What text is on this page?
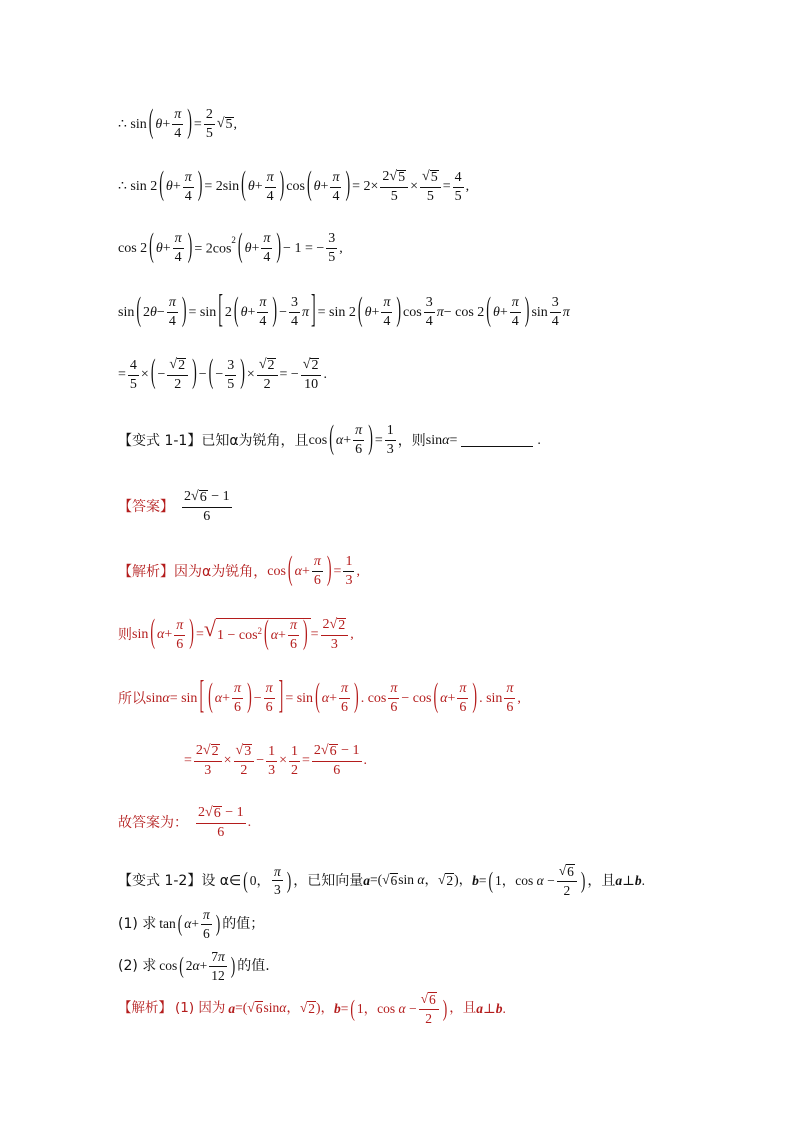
∴ sin ( $\theta + \frac{\pi}{4}$ ) = $\frac{2}{5}$ √ 5 ,
∴ sin 2 ( $\theta + \frac{\pi}{4}$ ) = 2sin ( $\theta + \frac{\pi}{4}$ ) cos ( $\theta + \frac{\pi}{4}$ ) = $2\times \frac{2 √ 5}{5} \times \frac{√ 5}{5} = \frac{4}{5}$ ,
cos 2 ( $\theta + \frac{\pi}{4}$ ) = $2\cos^2$ ( $\theta + \frac{\pi}{4}$ ) − 1 = − $\frac{3}{5}$ ,
sin ( 2 $\theta - \frac{\pi}{4}$ ) = sin [ 2 ( $\theta + \frac{\pi}{4}$ ) − $\frac{3}{4}$ π ] = sin 2 ( $\theta + \frac{\pi}{4}$ ) $\cos \frac{3}{4}$ π − cos 2 ( $\theta + \frac{\pi}{4}$ ) $\sin \frac{3}{4}$ π
= $\frac{4}{5}$ × ( − $\frac{√ 2}{2}$ ) − ( − $\frac{3}{5}$ ) × $\frac{√ 2}{2}$ = − $\frac{√ 2}{10}$ .
【变式 1-1】 已知α为锐角，且 cos ( $\alpha + \frac{\pi}{6}$ ) = $\frac{1}{3}$ ，则 sin α =	.
【答案】 $\frac{2 √ 6 - 1}{6}$
【解析】 因为α为锐角， cos ( $\alpha + \frac{\pi}{6}$ ) = $\frac{1}{3}$ ,
则 sin ( $\alpha + \frac{\pi}{6}$ ) = √ 1 − cos 2 ( $\alpha + \frac{\pi}{6}$ ) = $\frac{2 √ 2}{3}$ ,
所以 sin α = sin [ ( $\alpha + \frac{\pi}{6}$ ) − $\frac{\pi}{6}$ ] = sin ( $\alpha + \frac{\pi}{6}$ ) . $\cos \frac{\pi}{6} - \cos$ ( $\alpha + \frac{\pi}{6}$ ) . $\sin \frac{\pi}{6}$ ,
= $\frac{2 √ 2}{3} \times \frac{√ 3}{2} - \frac{1}{3} \times \frac{1}{2} = \frac{2 √ 6 - 1}{6}$ .
故答案为： $\frac{2 √ 6 - 1}{6}$ .
【变式 1-2】 设 α∈ ( 0， $\frac{\pi}{3}$ ) ，已知向量 a =( √ 6 sin α， √ 2 )， b = ( 1，$\cos \alpha - \frac{√ 6}{2}$ ) ，且 a ⊥ b .
(1) 求 tan ( $\alpha + \frac{\pi}{6}$ ) 的值；
(2) 求 cos ( 2 $\alpha + \frac{7\pi}{12}$ ) 的值.
【解析】 (1) 因为 a =( √ 6 sinα， √ 2 )， b = ( 1，$\cos \alpha - \frac{√ 6}{2}$ ) ，且 a ⊥ b .
